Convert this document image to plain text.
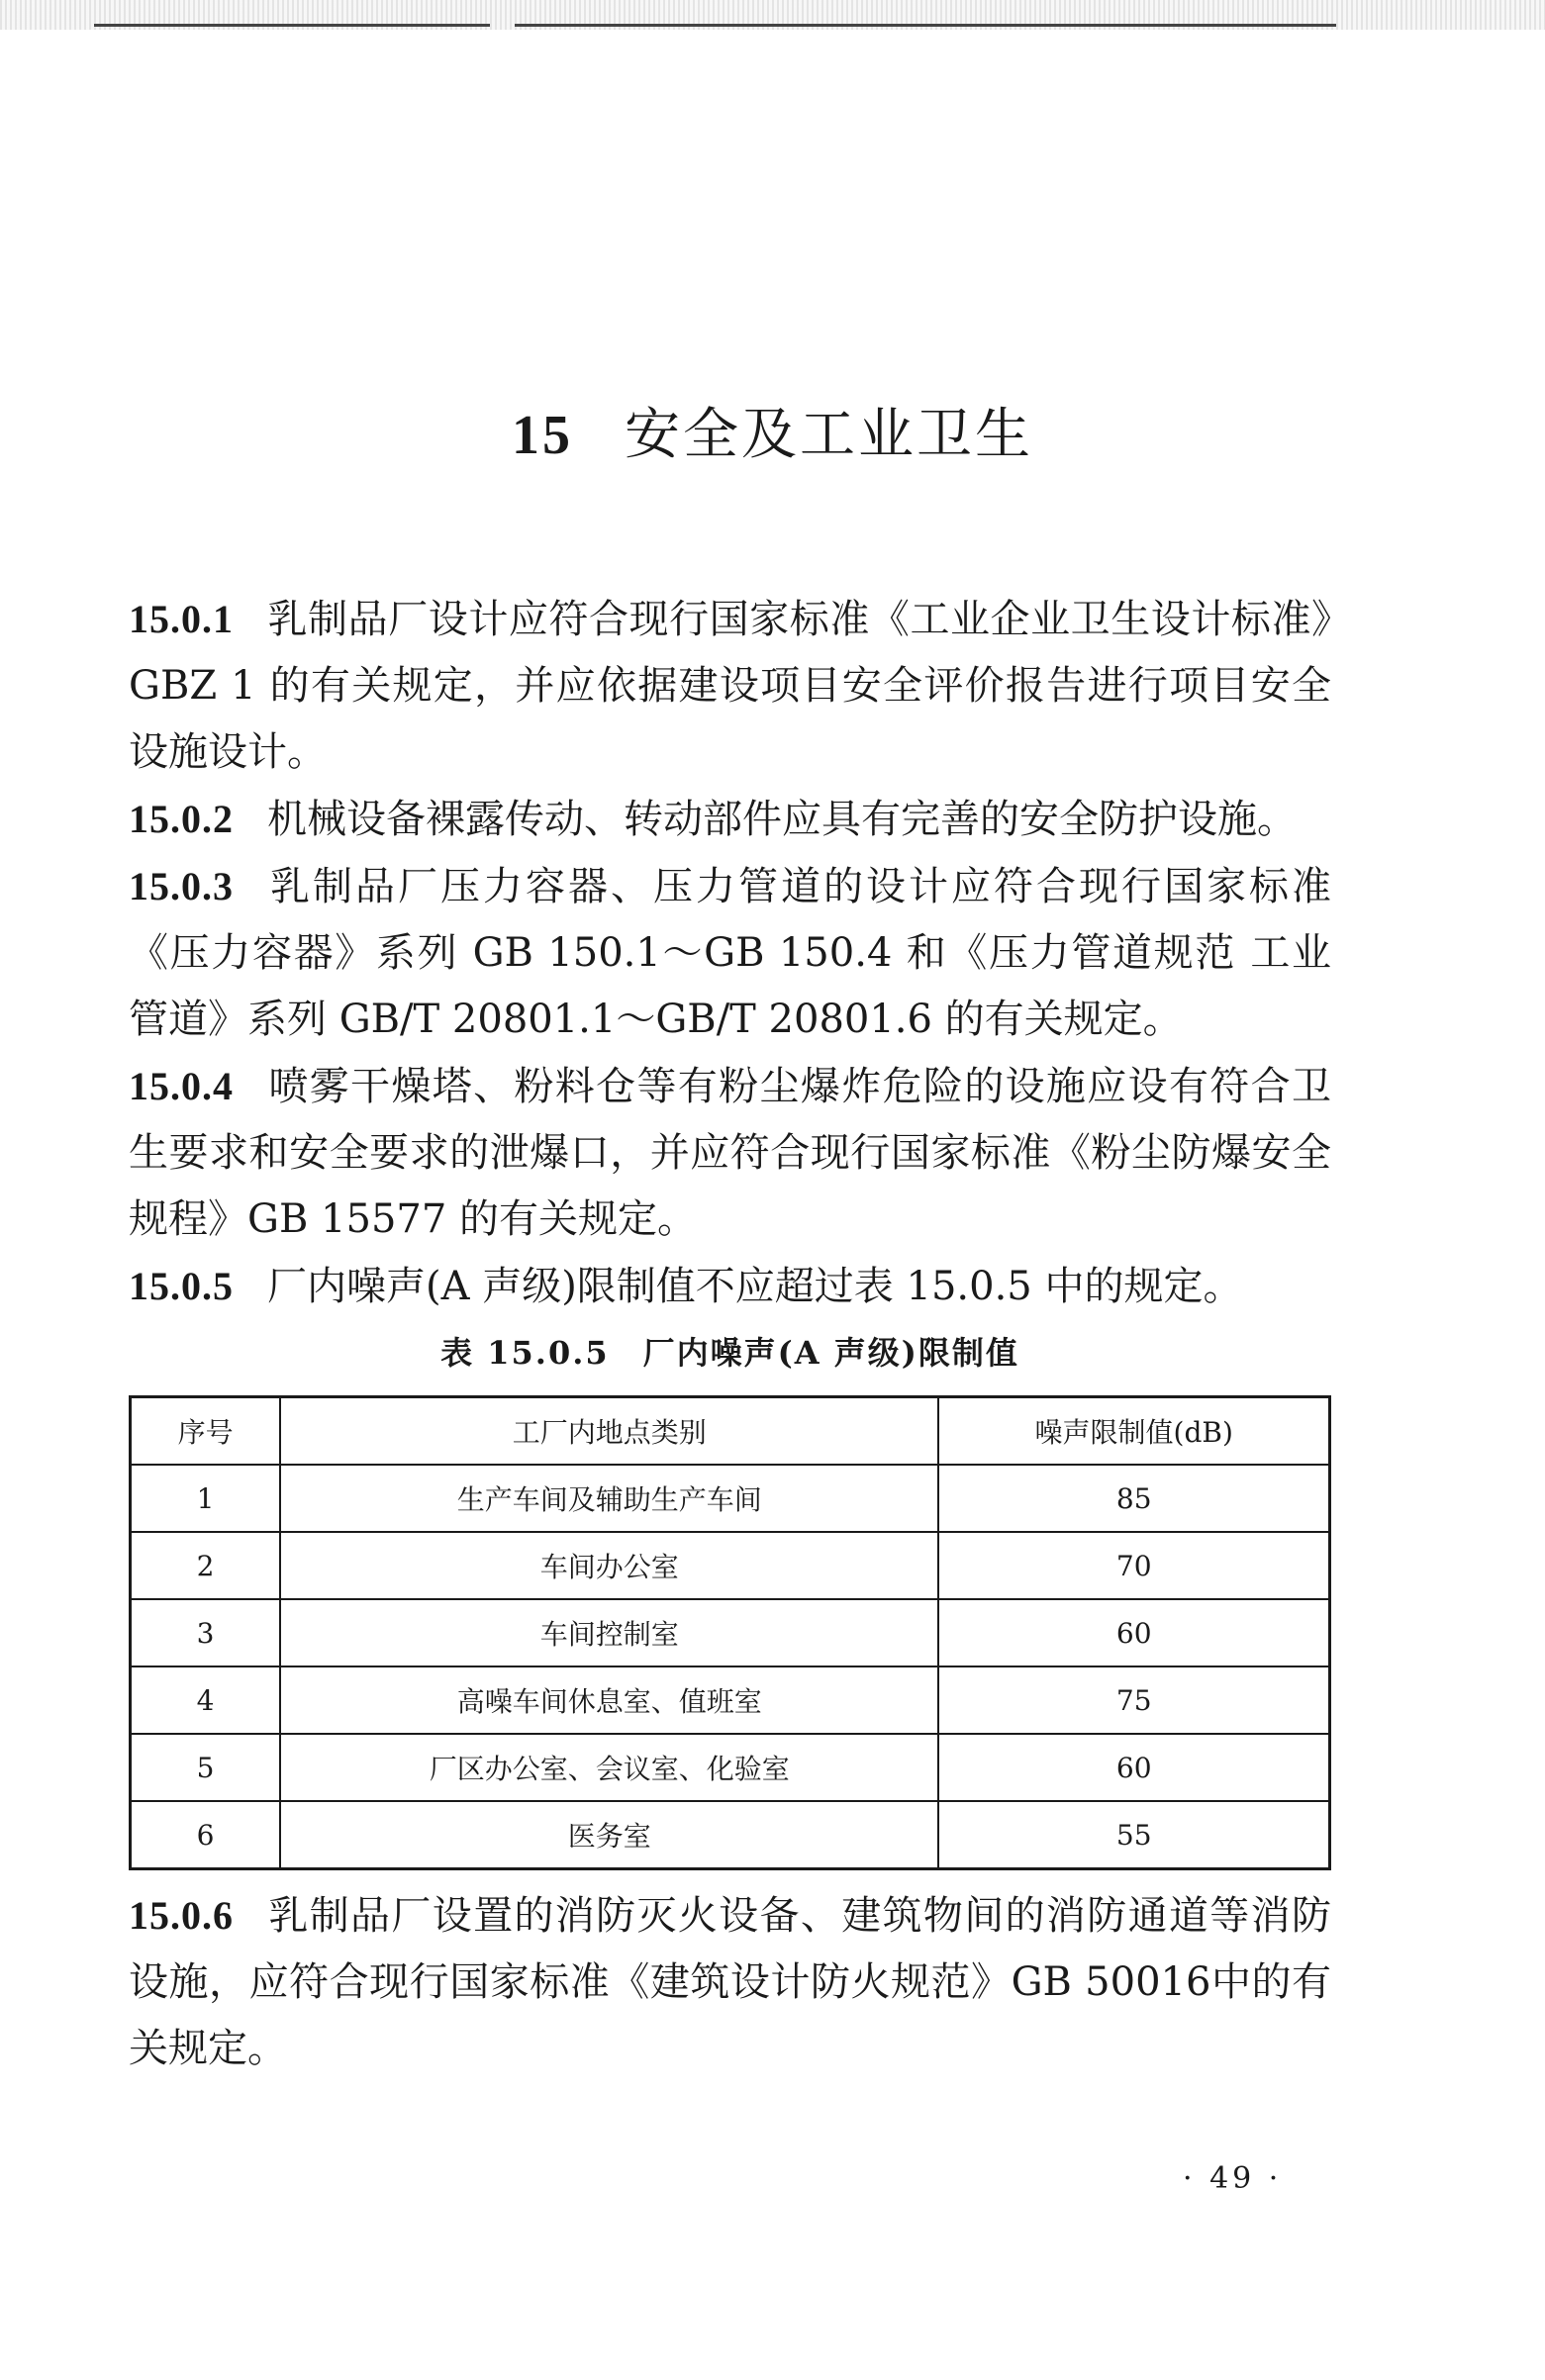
15 安全及工业卫生

15.0.1 乳制品厂设计应符合现行国家标准《工业企业卫生设计标准》GBZ 1 的有关规定，并应依据建设项目安全评价报告进行项目安全设施设计。

15.0.2 机械设备裸露传动、转动部件应具有完善的安全防护设施。

15.0.3 乳制品厂压力容器、压力管道的设计应符合现行国家标准《压力容器》系列 GB 150.1～GB 150.4 和《压力管道规范 工业管道》系列 GB/T 20801.1～GB/T 20801.6 的有关规定。

15.0.4 喷雾干燥塔、粉料仓等有粉尘爆炸危险的设施应设有符合卫生要求和安全要求的泄爆口，并应符合现行国家标准《粉尘防爆安全规程》GB 15577 的有关规定。

15.0.5 厂内噪声(A 声级)限制值不应超过表 15.0.5 中的规定。

表 15.0.5　厂内噪声(A 声级)限制值
序号	工厂内地点类别	噪声限制值(dB)
1	生产车间及辅助生产车间	85
2	车间办公室	70
3	车间控制室	60
4	高噪车间休息室、值班室	75
5	厂区办公室、会议室、化验室	60
6	医务室	55

15.0.6 乳制品厂设置的消防灭火设备、建筑物间的消防通道等消防设施，应符合现行国家标准《建筑设计防火规范》GB 50016中的有关规定。

· 49 ·
